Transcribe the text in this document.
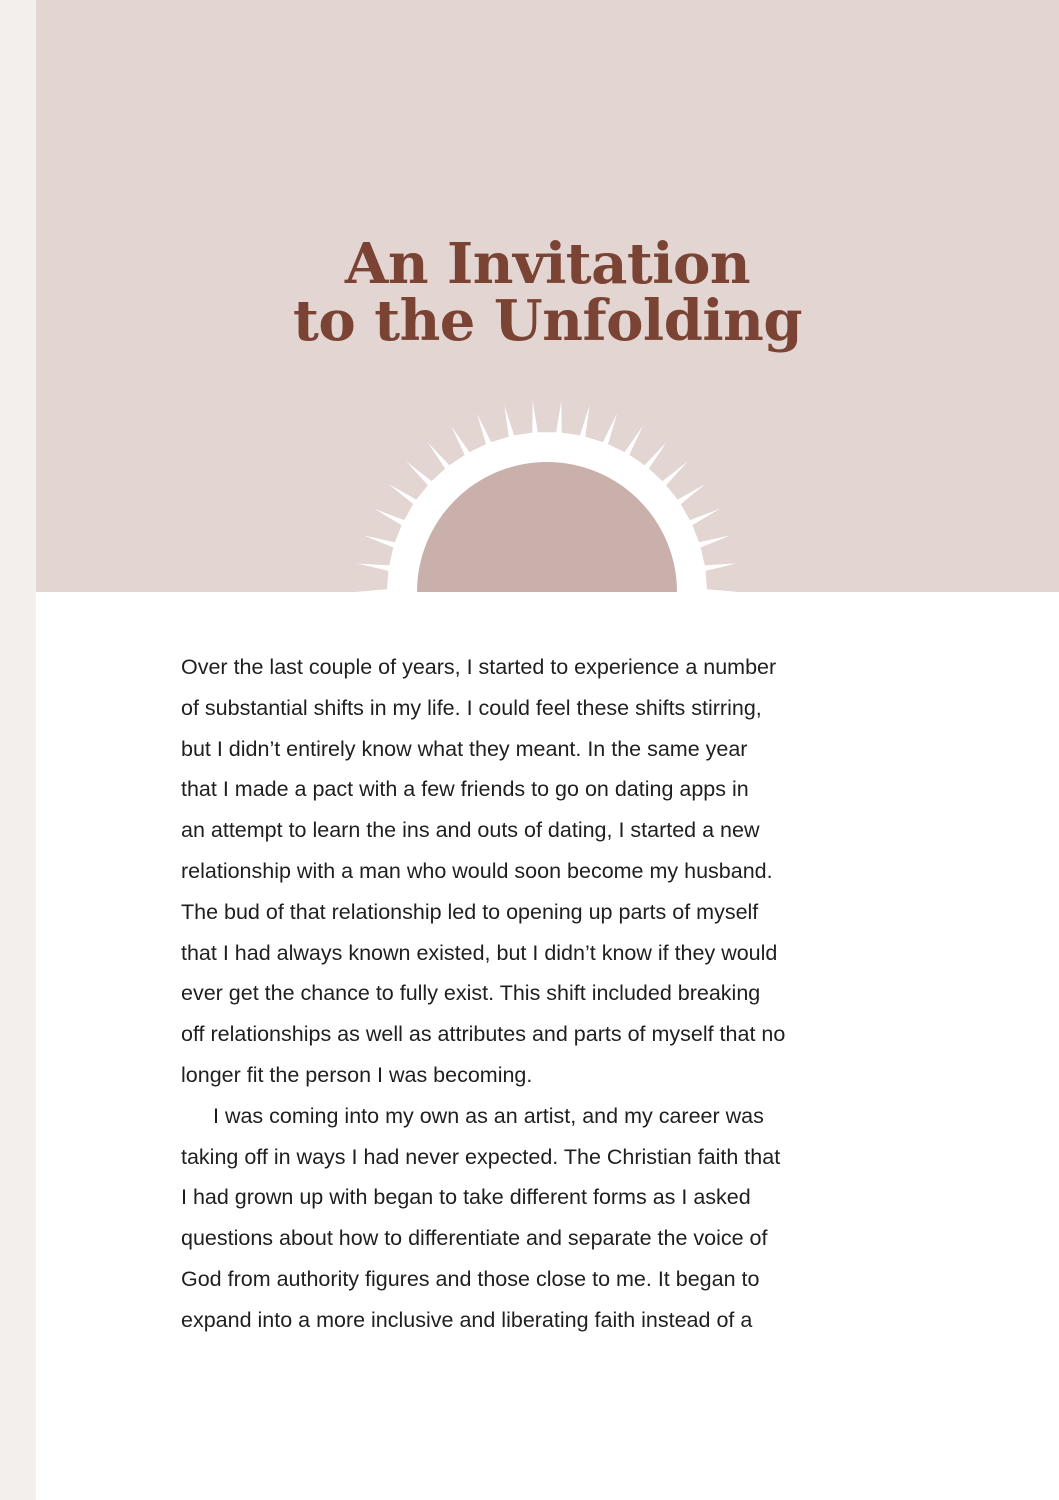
An Invitation
to the Unfolding
Over the last couple of years, I started to experience a number
of substantial shifts in my life. I could feel these shifts stirring,
but I didn’t entirely know what they meant. In the same year
that I made a pact with a few friends to go on dating apps in
an attempt to learn the ins and outs of dating, I started a new
relationship with a man who would soon become my husband.
The bud of that relationship led to opening up parts of myself
that I had always known existed, but I didn’t know if they would
ever get the chance to fully exist. This shift included breaking
off relationships as well as attributes and parts of myself that no
longer fit the person I was becoming.
I was coming into my own as an artist, and my career was
taking off in ways I had never expected. The Christian faith that
I had grown up with began to take different forms as I asked
questions about how to differentiate and separate the voice of
God from authority figures and those close to me. It began to
expand into a more inclusive and liberating faith instead of a
